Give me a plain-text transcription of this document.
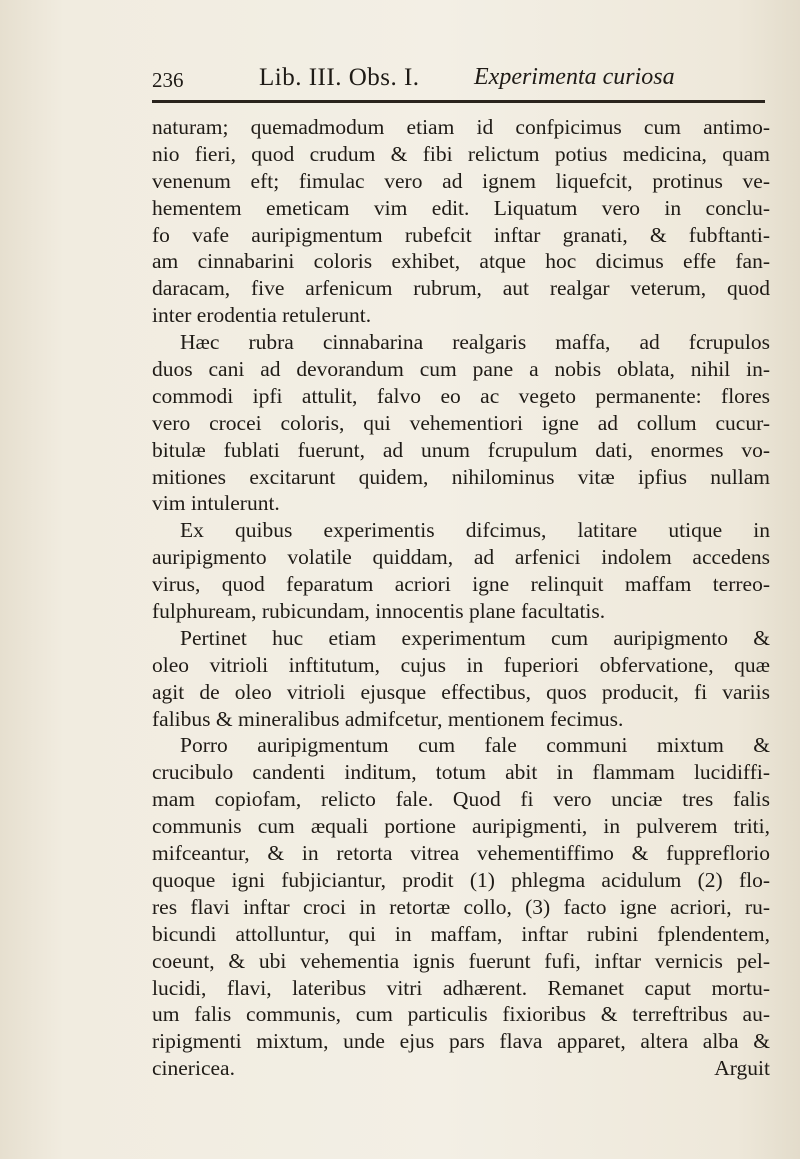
236	Lib. III. Obs. I. Experimenta curiosa
naturam; quemadmodum etiam id confpicimus cum antimo-
nio fieri, quod crudum & fibi relictum potius medicina, quam
venenum eft; fimulac vero ad ignem liquefcit, protinus ve-
hementem emeticam vim edit. Liquatum vero in conclu-
fo vafe auripigmentum rubefcit inftar granati, & fubftanti-
am cinnabarini coloris exhibet, atque hoc dicimus effe fan-
daracam, five arfenicum rubrum, aut realgar veterum, quod
inter erodentia retulerunt.
Hæc rubra cinnabarina realgaris maffa, ad fcrupulos
duos cani ad devorandum cum pane a nobis oblata, nihil in-
commodi ipfi attulit, falvo eo ac vegeto permanente: flores
vero crocei coloris, qui vehementiori igne ad collum cucur-
bitulæ fublati fuerunt, ad unum fcrupulum dati, enormes vo-
mitiones excitarunt quidem, nihilominus vitæ ipfius nullam
vim intulerunt.
Ex quibus experimentis difcimus, latitare utique in
auripigmento volatile quiddam, ad arfenici indolem accedens
virus, quod feparatum acriori igne relinquit maffam terreo-
fulphuream, rubicundam, innocentis plane facultatis.
Pertinet huc etiam experimentum cum auripigmento &
oleo vitrioli inftitutum, cujus in fuperiori obfervatione, quæ
agit de oleo vitrioli ejusque effectibus, quos producit, fi variis
falibus & mineralibus admifcetur, mentionem fecimus.
Porro auripigmentum cum fale communi mixtum &
crucibulo candenti inditum, totum abit in flammam lucidiffi-
mam copiofam, relicto fale. Quod fi vero unciæ tres falis
communis cum æquali portione auripigmenti, in pulverem triti,
mifceantur, & in retorta vitrea vehementiffimo & fuppreflorio
quoque igni fubjiciantur, prodit (1) phlegma acidulum (2) flo-
res flavi inftar croci in retortæ collo, (3) facto igne acriori, ru-
bicundi attolluntur, qui in maffam, inftar rubini fplendentem,
coeunt, & ubi vehementia ignis fuerunt fufi, inftar vernicis pel-
lucidi, flavi, lateribus vitri adhærent. Remanet caput mortu-
um falis communis, cum particulis fixioribus & terreftribus au-
ripigmenti mixtum, unde ejus pars flava apparet, altera alba &
cinericea.	Arguit
